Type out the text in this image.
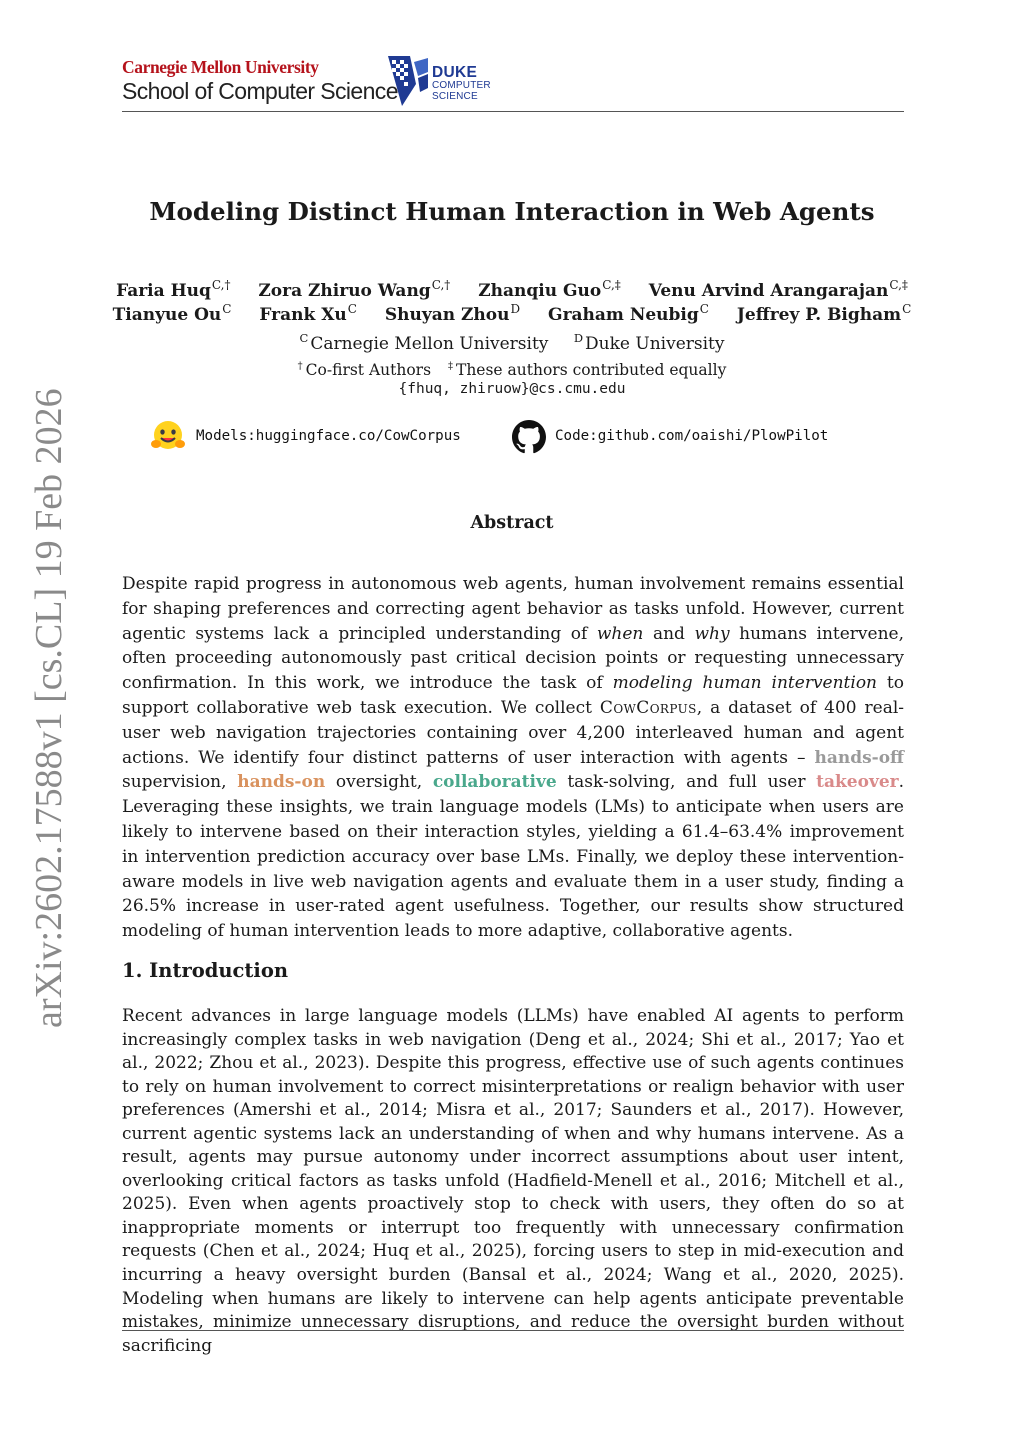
arXiv:2602.17588v1 [cs.CL] 19 Feb 2026
Carnegie Mellon University
School of Computer Science
DUKE
COMPUTER
SCIENCE
Modeling Distinct Human Interaction in Web Agents
Faria Huq$^{C,\dagger}$ Zora Zhiruo Wang$^{C,\dagger}$ Zhanqiu Guo$^{C,\ddagger}$ Venu Arvind Arangarajan$^{C,\ddagger}$
Tianyue $Ou^C$ Frank $Xu^C$ Shuyan Zhou$^D$ Graham Neubig$^C$ Jeffrey P. Bigham$^C$
$^C$ Carnegie Mellon University $^D$ Duke University
† Co-first Authors ‡ These authors contributed equally
{fhuq, zhiruow}@cs.cmu.edu
Models:huggingface.co/CowCorpus	Code:github.com/oaishi/PlowPilot
Abstract

Despite rapid progress in autonomous web agents, human involvement remains essential for shaping preferences and correcting agent behavior as tasks unfold. However, current agentic systems lack a principled understanding of when and why humans intervene, often proceeding autonomously past critical decision points or requesting unnecessary confirmation. In this work, we introduce the task of modeling human intervention to support collaborative web task execution. We collect CowCorpus, a dataset of 400 real-user web navigation trajectories containing over 4,200 interleaved human and agent actions. We identify four distinct patterns of user interaction with agents – hands-off supervision, hands-on oversight, collaborative task-solving, and full user takeover. Leveraging these insights, we train language models (LMs) to anticipate when users are likely to intervene based on their interaction styles, yielding a 61.4–63.4% improvement in intervention prediction accuracy over base LMs. Finally, we deploy these intervention-aware models in live web navigation agents and evaluate them in a user study, finding a 26.5% increase in user-rated agent usefulness. Together, our results show structured modeling of human intervention leads to more adaptive, collaborative agents.

1. Introduction

Recent advances in large language models (LLMs) have enabled AI agents to perform increasingly complex tasks in web navigation (Deng et al., 2024; Shi et al., 2017; Yao et al., 2022; Zhou et al., 2023). Despite this progress, effective use of such agents continues to rely on human involvement to correct misinterpretations or realign behavior with user preferences (Amershi et al., 2014; Misra et al., 2017; Saunders et al., 2017). However, current agentic systems lack an understanding of when and why humans intervene. As a result, agents may pursue autonomy under incorrect assumptions about user intent, overlooking critical factors as tasks unfold (Hadfield-Menell et al., 2016; Mitchell et al., 2025). Even when agents proactively stop to check with users, they often do so at inappropriate moments or interrupt too frequently with unnecessary confirmation requests (Chen et al., 2024; Huq et al., 2025), forcing users to step in mid-execution and incurring a heavy oversight burden (Bansal et al., 2024; Wang et al., 2020, 2025). Modeling when humans are likely to intervene can help agents anticipate preventable mistakes, minimize unnecessary disruptions, and reduce the oversight burden without sacrificing
